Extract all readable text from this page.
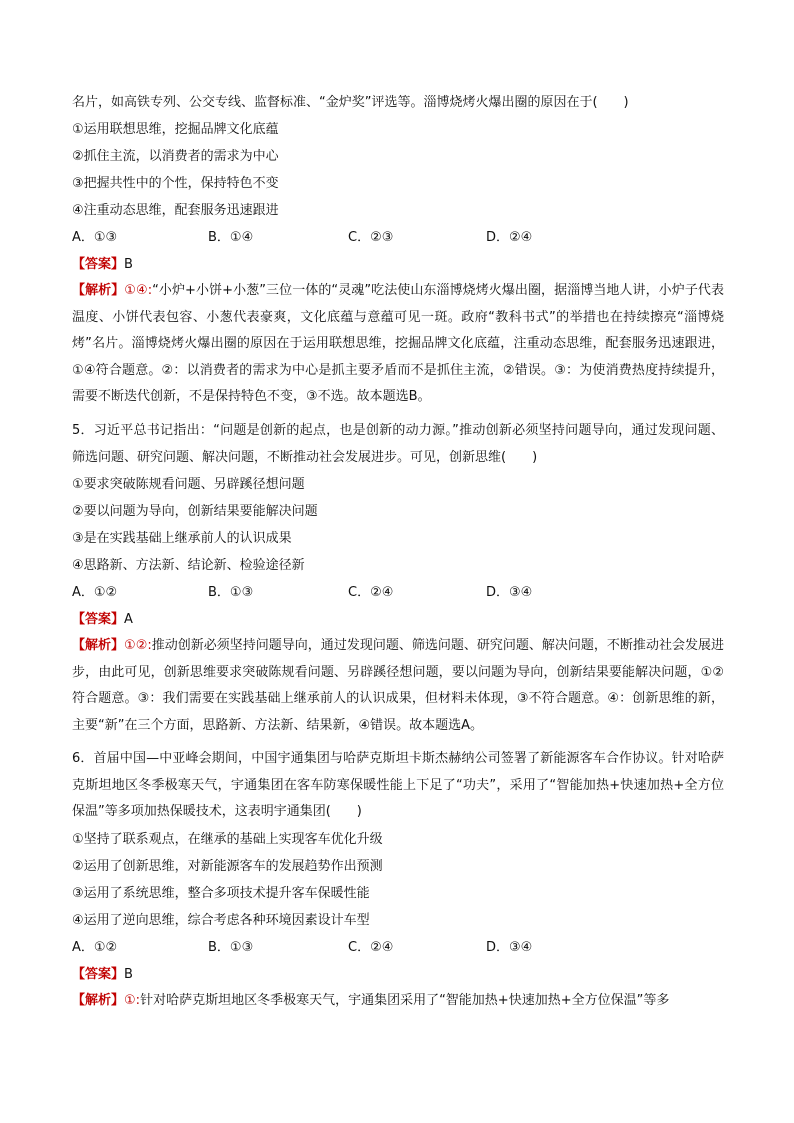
名片，如高铁专列、公交专线、监督标准、“金炉奖”评选等。淄博烧烤火爆出圈的原因在于(　　)
①运用联想思维，挖掘品牌文化底蕴
②抓住主流，以消费者的需求为中心
③把握共性中的个性，保持特色不变
④注重动态思维，配套服务迅速跟进
A．①③	B．①④	C．②③	D．②④
【答案】B
【解析】①④:“小炉+小饼+小葱”三位一体的“灵魂”吃法使山东淄博烧烤火爆出圈，据淄博当地人讲，小炉子代表温度、小饼代表包容、小葱代表豪爽，文化底蕴与意蕴可见一斑。政府“教科书式”的举措也在持续擦亮“淄博烧烤”名片。淄博烧烤火爆出圈的原因在于运用联想思维，挖掘品牌文化底蕴，注重动态思维，配套服务迅速跟进，①④符合题意。②：以消费者的需求为中心是抓主要矛盾而不是抓住主流，②错误。③：为使消费热度持续提升，需要不断迭代创新，不是保持特色不变，③不选。故本题选B。
5．习近平总书记指出：“问题是创新的起点，也是创新的动力源。”推动创新必须坚持问题导向，通过发现问题、筛选问题、研究问题、解决问题，不断推动社会发展进步。可见，创新思维(　　)
①要求突破陈规看问题、另辟蹊径想问题
②要以问题为导向，创新结果要能解决问题
③是在实践基础上继承前人的认识成果
④思路新、方法新、结论新、检验途径新
A．①②	B．①③	C．②④	D．③④
【答案】A
【解析】①②:推动创新必须坚持问题导向，通过发现问题、筛选问题、研究问题、解决问题，不断推动社会发展进步，由此可见，创新思维要求突破陈规看问题、另辟蹊径想问题，要以问题为导向，创新结果要能解决问题，①②符合题意。③：我们需要在实践基础上继承前人的认识成果，但材料未体现，③不符合题意。④：创新思维的新，主要“新”在三个方面，思路新、方法新、结果新，④错误。故本题选A。
6．首届中国—中亚峰会期间，中国宇通集团与哈萨克斯坦卡斯杰赫纳公司签署了新能源客车合作协议。针对哈萨克斯坦地区冬季极寒天气，宇通集团在客车防寒保暖性能上下足了“功夫”，采用了“智能加热+快速加热+全方位保温”等多项加热保暖技术，这表明宇通集团(　　)
①坚持了联系观点，在继承的基础上实现客车优化升级
②运用了创新思维，对新能源客车的发展趋势作出预测
③运用了系统思维，整合多项技术提升客车保暖性能
④运用了逆向思维，综合考虑各种环境因素设计车型
A．①②	B．①③	C．②④	D．③④
【答案】B
【解析】①:针对哈萨克斯坦地区冬季极寒天气，宇通集团采用了“智能加热+快速加热+全方位保温”等多
